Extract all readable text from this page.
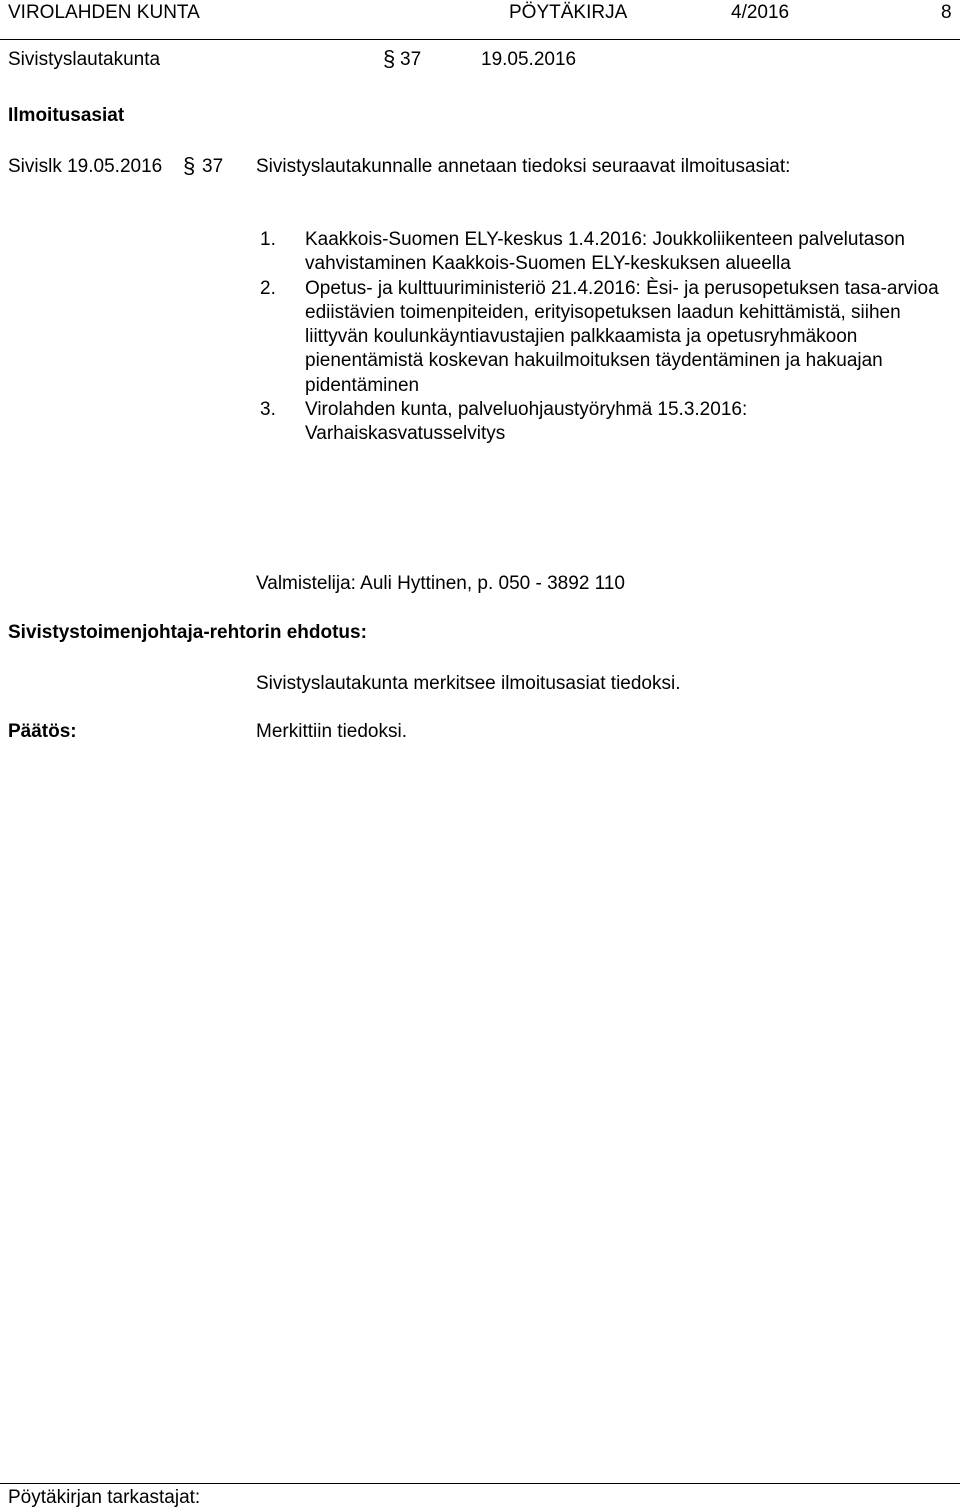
VIROLAHDEN KUNTA	PÖYTÄKIRJA	4/2016	8
Sivistyslautakunta	§ 37	19.05.2016
Ilmoitusasiat
Sivislk 19.05.2016 § 37 Sivistyslautakunnalle annetaan tiedoksi seuraavat ilmoitusasiat:
1. Kaakkois-Suomen ELY-keskus 1.4.2016: Joukkoliikenteen palvelutason vahvistaminen Kaakkois-Suomen ELY-keskuksen alueella
2. Opetus- ja kulttuuriministeriö 21.4.2016: Èsi- ja perusopetuksen tasa-arvioa ediistävien toimenpiteiden, erityisopetuksen laadun kehittämistä, siihen liittyvän koulunkäyntiavustajien palkkaamista ja opetusryhmäkoon pienentämistä koskevan hakuilmoituksen täydentäminen ja hakuajan pidentäminen
3. Virolahden kunta, palveluohjaustyöryhmä 15.3.2016: Varhaiskasvatusselvitys
Valmistelija: Auli Hyttinen, p. 050 - 3892 110
Sivistystoimenjohtaja-rehtorin ehdotus:
Sivistyslautakunta merkitsee ilmoitusasiat tiedoksi.
Päätös:	Merkittiin tiedoksi.
Pöytäkirjan tarkastajat:
